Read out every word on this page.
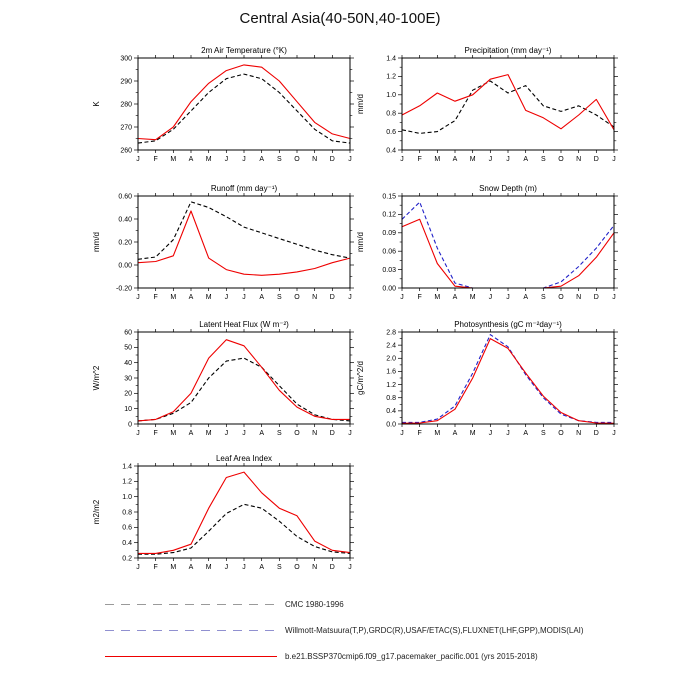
Central Asia(40-50N,40-100E)
2m Air Temperature (°K)
K
J F M A M J J A S O N D J
260
270
280
290
300
Precipitation (mm day⁻¹)
mm/d
J F M A M J J A S O N D J
0.4
0.6
0.8
1.0
1.2
1.4
Runoff (mm day⁻¹)
mm/d
J F M A M J J A S O N D J
-0.20
0.00
0.20
0.40
0.60
Snow Depth (m)
mm/d
J F M A M J J A S O N D J
0.00
0.03
0.06
0.09
0.12
0.15
Latent Heat Flux (W m⁻²)
W/m^2
J F M A M J J A S O N D J
0
10
20
30
40
50
60
Photosynthesis (gC m⁻²day⁻¹)
gC/m^2/d
J F M A M J J A S O N D J
0.0
0.4
0.8
1.2
1.6
2.0
2.4
2.8
Leaf Area Index
m2/m2
J F M A M J J A S O N D J
0.2
0.4
0.6
0.8
1.0
1.2
1.4
CMC 1980-1996
Willmott-Matsuura(T,P),GRDC(R),USAF/ETAC(S),FLUXNET(LHF,GPP),MODIS(LAI)
b.e21.BSSP370cmip6.f09_g17.pacemaker_pacific.001 (yrs 2015-2018)
